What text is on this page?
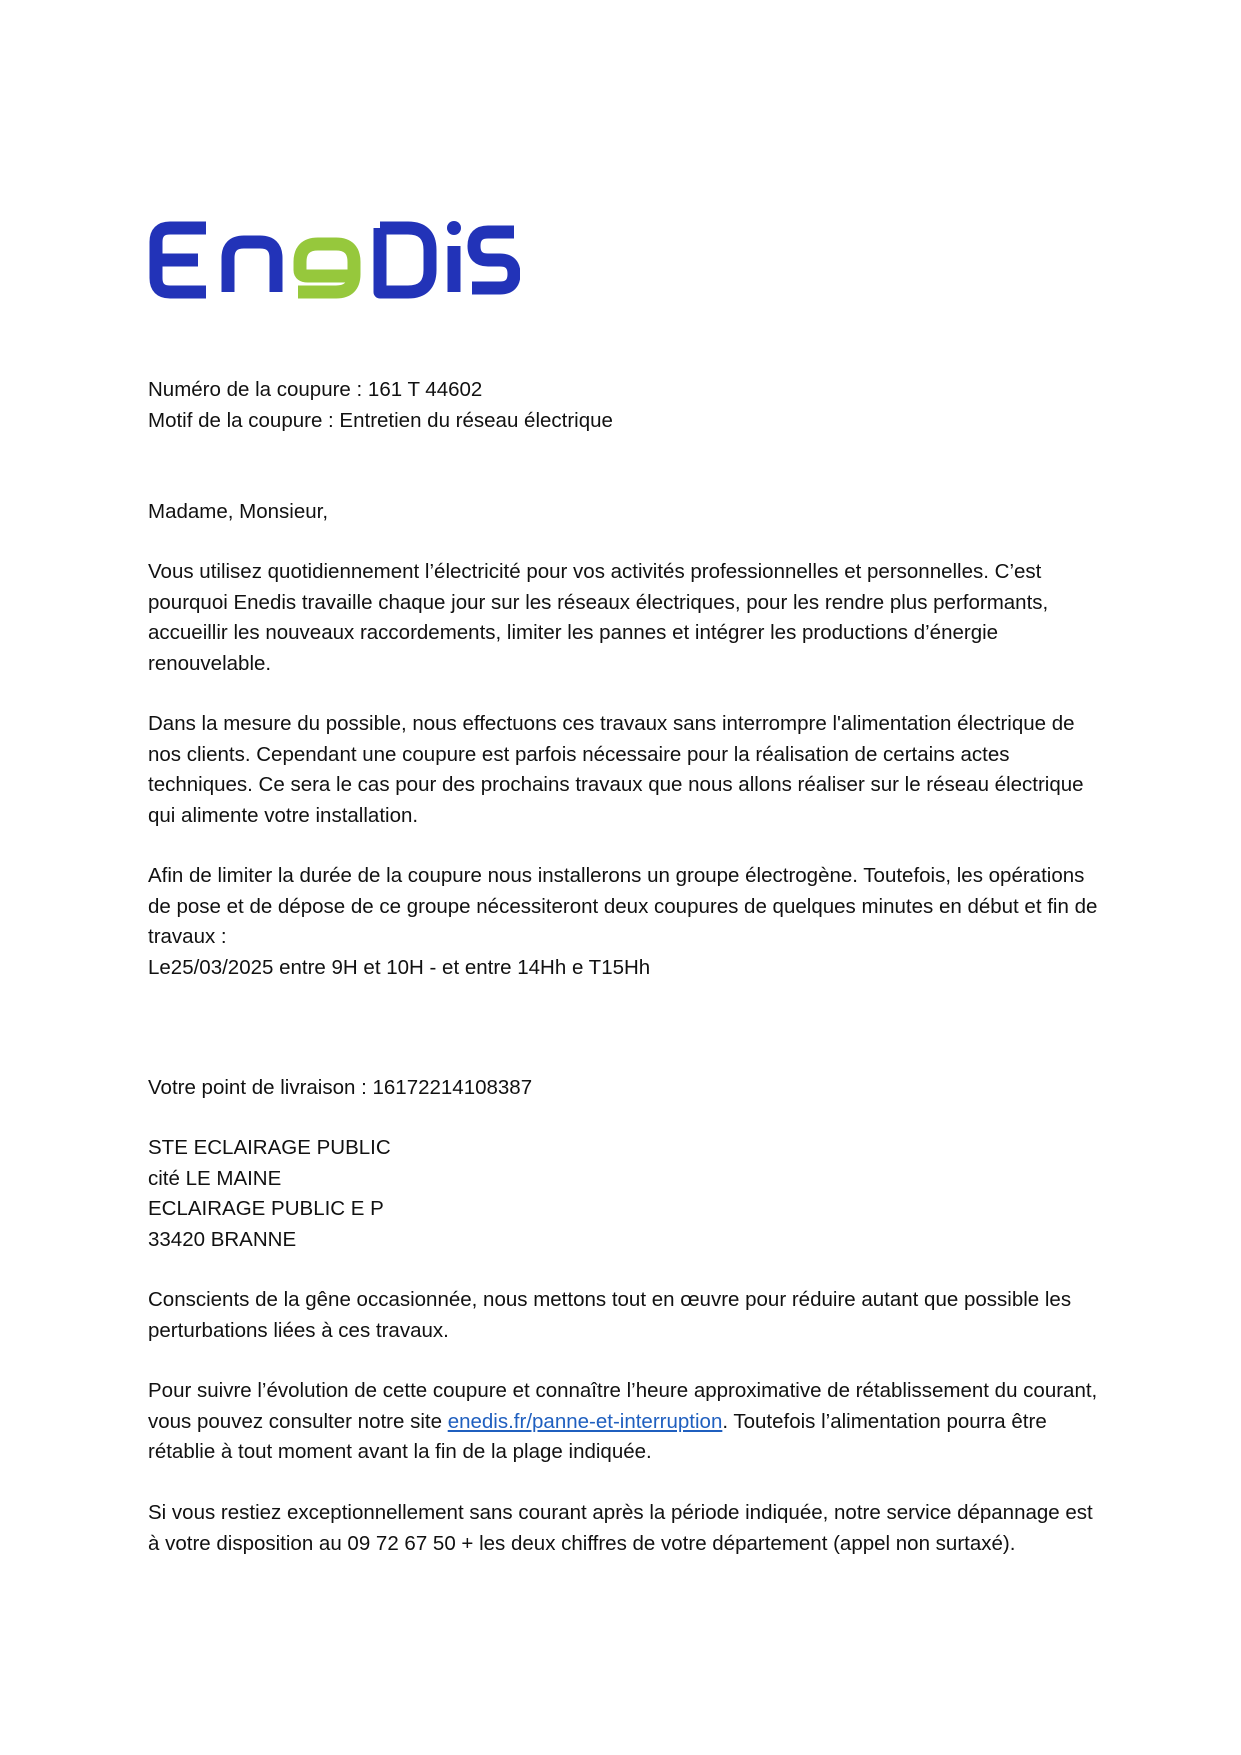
Numéro de la coupure : 161 T 44602

Motif de la coupure : Entretien du réseau électrique

Madame, Monsieur,
Vous utilisez quotidiennement l’électricité pour vos activités professionnelles et personnelles. C’est pourquoi Enedis travaille chaque jour sur les réseaux électriques, pour les rendre plus performants, accueillir les nouveaux raccordements, limiter les pannes et intégrer les productions d’énergie renouvelable.
Dans la mesure du possible, nous effectuons ces travaux sans interrompre l'alimentation électrique de nos clients. Cependant une coupure est parfois nécessaire pour la réalisation de certains actes techniques. Ce sera le cas pour des prochains travaux que nous allons réaliser sur le réseau électrique qui alimente votre installation.

Afin de limiter la durée de la coupure nous installerons un groupe électrogène. Toutefois, les opérations de pose et de dépose de ce groupe nécessiteront deux coupures de quelques minutes en début et fin de travaux :

Le25/03/2025 entre 9H et 10H - et entre 14Hh e T15Hh

Votre point de livraison : 16172214108387

STE ECLAIRAGE PUBLIC

cité LE MAINE

ECLAIRAGE PUBLIC E P

33420 BRANNE

Conscients de la gêne occasionnée, nous mettons tout en œuvre pour réduire autant que possible les perturbations liées à ces travaux.
Pour suivre l’évolution de cette coupure et connaître l’heure approximative de rétablissement du courant, vous pouvez consulter notre site enedis.fr/panne-et-interruption. Toutefois l’alimentation pourra être rétablie à tout moment avant la fin de la plage indiquée.
Si vous restiez exceptionnellement sans courant après la période indiquée, notre service dépannage est à votre disposition au 09 72 67 50 + les deux chiffres de votre département (appel non surtaxé).
